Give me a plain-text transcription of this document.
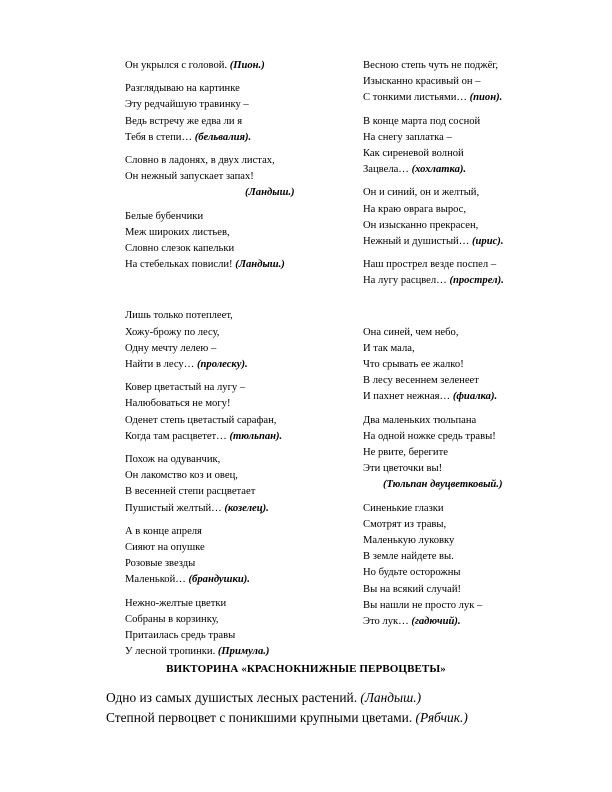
Он укрылся с головой. (Пион.)
Разглядываю на картинке
Эту редчайшую травинку –
Ведь встречу же едва ли я
Тебя в степи… (бельвалия).
Словно в ладонях, в двух листах,
Он нежный запускает запах!
(Ландыш.)
Белые бубенчики
Меж широких листьев,
Словно слезок капельки
На стебельках повисли! (Ландыш.)
Лишь только потеплеет,
Хожу-брожу по лесу,
Одну мечту лелею –
Найти в лесу… (пролеску).
Ковер цветастый на лугу –
Налюбоваться не могу!
Оденет степь цветастый сарафан,
Когда там расцветет… (тюльпан).
Похож на одуванчик,
Он лакомство коз и овец,
В весенней степи расцветает
Пушистый желтый… (козелец).
А в конце апреля
Сияют на опушке
Розовые звезды
Маленькой… (брандушки).
Нежно-желтые цветки
Собраны в корзинку,
Притаилась средь травы
У лесной тропинки. (Примула.)
Весною степь чуть не поджёг,
Изысканно красивый он –
С тонкими листьями… (пион).
В конце марта под сосной
На снегу заплатка –
Как сиреневой волной
Зацвела… (хохлатка).
Он и синий, он и желтый,
На краю оврага вырос,
Он изысканно прекрасен,
Нежный и душистый… (ирис).
Наш прострел везде поспел –
На лугу расцвел… (прострел).
Она синей, чем небо,
И так мала,
Что срывать ее жалко!
В лесу весеннем зеленеет
И пахнет нежная… (фиалка).
Два маленьких тюльпана
На одной ножке средь травы!
Не рвите, берегите
Эти цветочки вы!
(Тюльпан двуцветковый.)
Синенькие глазки
Смотрят из травы,
Маленькую луковку
В земле найдете вы.
Но будьте осторожны
Вы на всякий случай!
Вы нашли не просто лук –
Это лук… (гадючий).
ВИКТОРИНА «КРАСНОКНИЖНЫЕ ПЕРВОЦВЕТЫ»
Одно из самых душистых лесных растений. (Ландыш.)
Степной первоцвет с поникшими крупными цветами. (Рябчик.)
